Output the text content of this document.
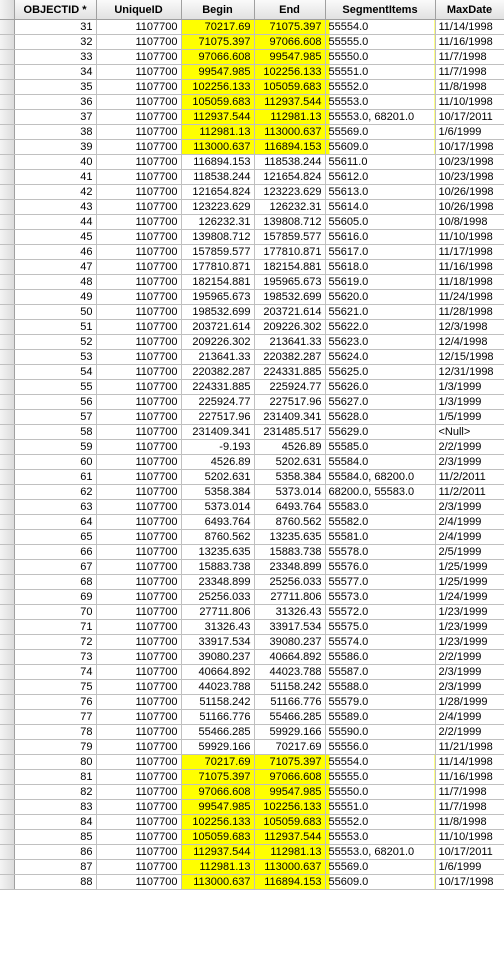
	OBJECTID *	UniqueID	Begin	End	SegmentItems	MaxDate
	31	1107700	70217.69	71075.397	55554.0	11/14/1998
	32	1107700	71075.397	97066.608	55555.0	11/16/1998
	33	1107700	97066.608	99547.985	55550.0	11/7/1998
	34	1107700	99547.985	102256.133	55551.0	11/7/1998
	35	1107700	102256.133	105059.683	55552.0	11/8/1998
	36	1107700	105059.683	112937.544	55553.0	11/10/1998
	37	1107700	112937.544	112981.13	55553.0, 68201.0	10/17/2011
	38	1107700	112981.13	113000.637	55569.0	1/6/1999
	39	1107700	113000.637	116894.153	55609.0	10/17/1998
	40	1107700	116894.153	118538.244	55611.0	10/23/1998
	41	1107700	118538.244	121654.824	55612.0	10/23/1998
	42	1107700	121654.824	123223.629	55613.0	10/26/1998
	43	1107700	123223.629	126232.31	55614.0	10/26/1998
	44	1107700	126232.31	139808.712	55605.0	10/8/1998
	45	1107700	139808.712	157859.577	55616.0	11/10/1998
	46	1107700	157859.577	177810.871	55617.0	11/17/1998
	47	1107700	177810.871	182154.881	55618.0	11/16/1998
	48	1107700	182154.881	195965.673	55619.0	11/18/1998
	49	1107700	195965.673	198532.699	55620.0	11/24/1998
	50	1107700	198532.699	203721.614	55621.0	11/28/1998
	51	1107700	203721.614	209226.302	55622.0	12/3/1998
	52	1107700	209226.302	213641.33	55623.0	12/4/1998
	53	1107700	213641.33	220382.287	55624.0	12/15/1998
	54	1107700	220382.287	224331.885	55625.0	12/31/1998
	55	1107700	224331.885	225924.77	55626.0	1/3/1999
	56	1107700	225924.77	227517.96	55627.0	1/3/1999
	57	1107700	227517.96	231409.341	55628.0	1/5/1999
	58	1107700	231409.341	231485.517	55629.0	<Null>
	59	1107700	-9.193	4526.89	55585.0	2/2/1999
	60	1107700	4526.89	5202.631	55584.0	2/3/1999
	61	1107700	5202.631	5358.384	55584.0, 68200.0	11/2/2011
	62	1107700	5358.384	5373.014	68200.0, 55583.0	11/2/2011
	63	1107700	5373.014	6493.764	55583.0	2/3/1999
	64	1107700	6493.764	8760.562	55582.0	2/4/1999
	65	1107700	8760.562	13235.635	55581.0	2/4/1999
	66	1107700	13235.635	15883.738	55578.0	2/5/1999
	67	1107700	15883.738	23348.899	55576.0	1/25/1999
	68	1107700	23348.899	25256.033	55577.0	1/25/1999
	69	1107700	25256.033	27711.806	55573.0	1/24/1999
	70	1107700	27711.806	31326.43	55572.0	1/23/1999
	71	1107700	31326.43	33917.534	55575.0	1/23/1999
	72	1107700	33917.534	39080.237	55574.0	1/23/1999
	73	1107700	39080.237	40664.892	55586.0	2/2/1999
	74	1107700	40664.892	44023.788	55587.0	2/3/1999
	75	1107700	44023.788	51158.242	55588.0	2/3/1999
	76	1107700	51158.242	51166.776	55579.0	1/28/1999
	77	1107700	51166.776	55466.285	55589.0	2/4/1999
	78	1107700	55466.285	59929.166	55590.0	2/2/1999
	79	1107700	59929.166	70217.69	55556.0	11/21/1998
	80	1107700	70217.69	71075.397	55554.0	11/14/1998
	81	1107700	71075.397	97066.608	55555.0	11/16/1998
	82	1107700	97066.608	99547.985	55550.0	11/7/1998
	83	1107700	99547.985	102256.133	55551.0	11/7/1998
	84	1107700	102256.133	105059.683	55552.0	11/8/1998
	85	1107700	105059.683	112937.544	55553.0	11/10/1998
	86	1107700	112937.544	112981.13	55553.0, 68201.0	10/17/2011
	87	1107700	112981.13	113000.637	55569.0	1/6/1999
	88	1107700	113000.637	116894.153	55609.0	10/17/1998
